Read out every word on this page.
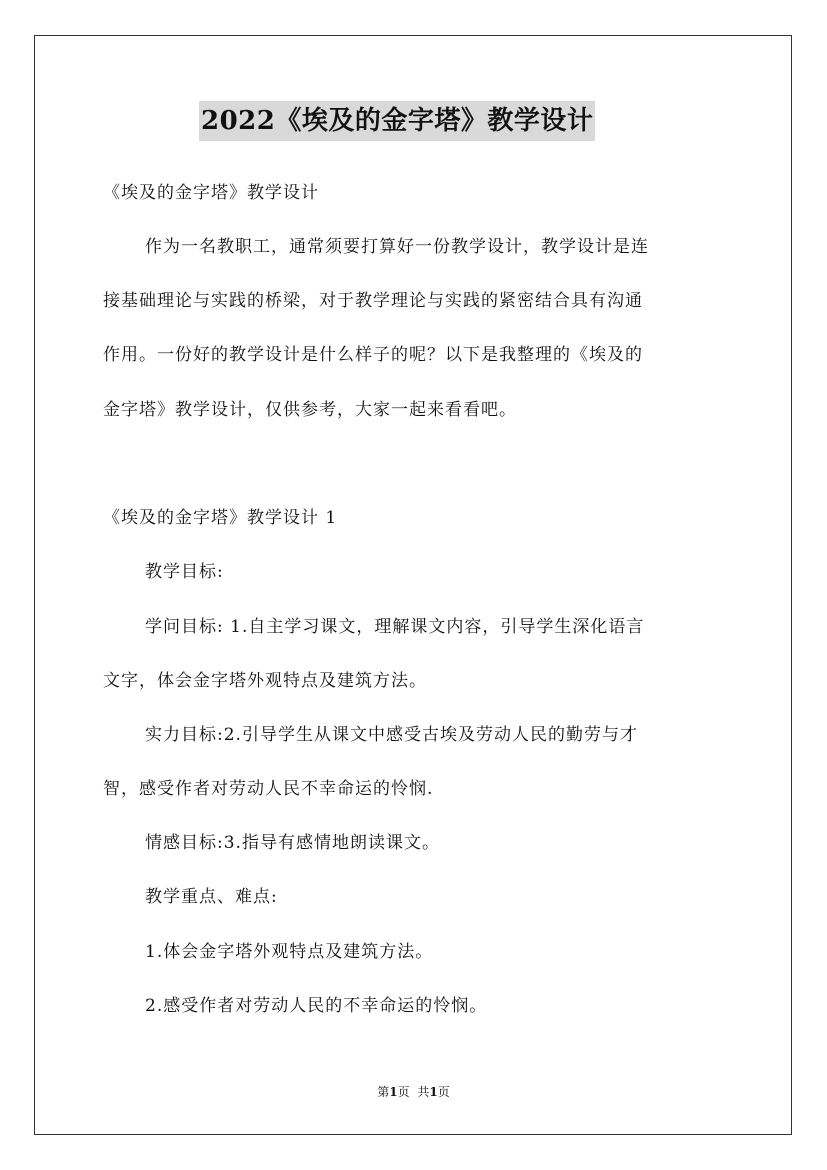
2022《埃及的金字塔》教学设计
《埃及的金字塔》教学设计
作为一名教职工，通常须要打算好一份教学设计，教学设计是连
接基础理论与实践的桥梁，对于教学理论与实践的紧密结合具有沟通
作用。一份好的教学设计是什么样子的呢？以下是我整理的《埃及的
金字塔》教学设计，仅供参考，大家一起来看看吧。
《埃及的金字塔》教学设计 1
教学目标:
学问目标: 1.自主学习课文，理解课文内容，引导学生深化语言
文字，体会金字塔外观特点及建筑方法。
实力目标:2.引导学生从课文中感受古埃及劳动人民的勤劳与才
智，感受作者对劳动人民不幸命运的怜悯.
情感目标:3.指导有感情地朗读课文。
教学重点、难点:
1.体会金字塔外观特点及建筑方法。
2.感受作者对劳动人民的不幸命运的怜悯。
第1页 共1页
